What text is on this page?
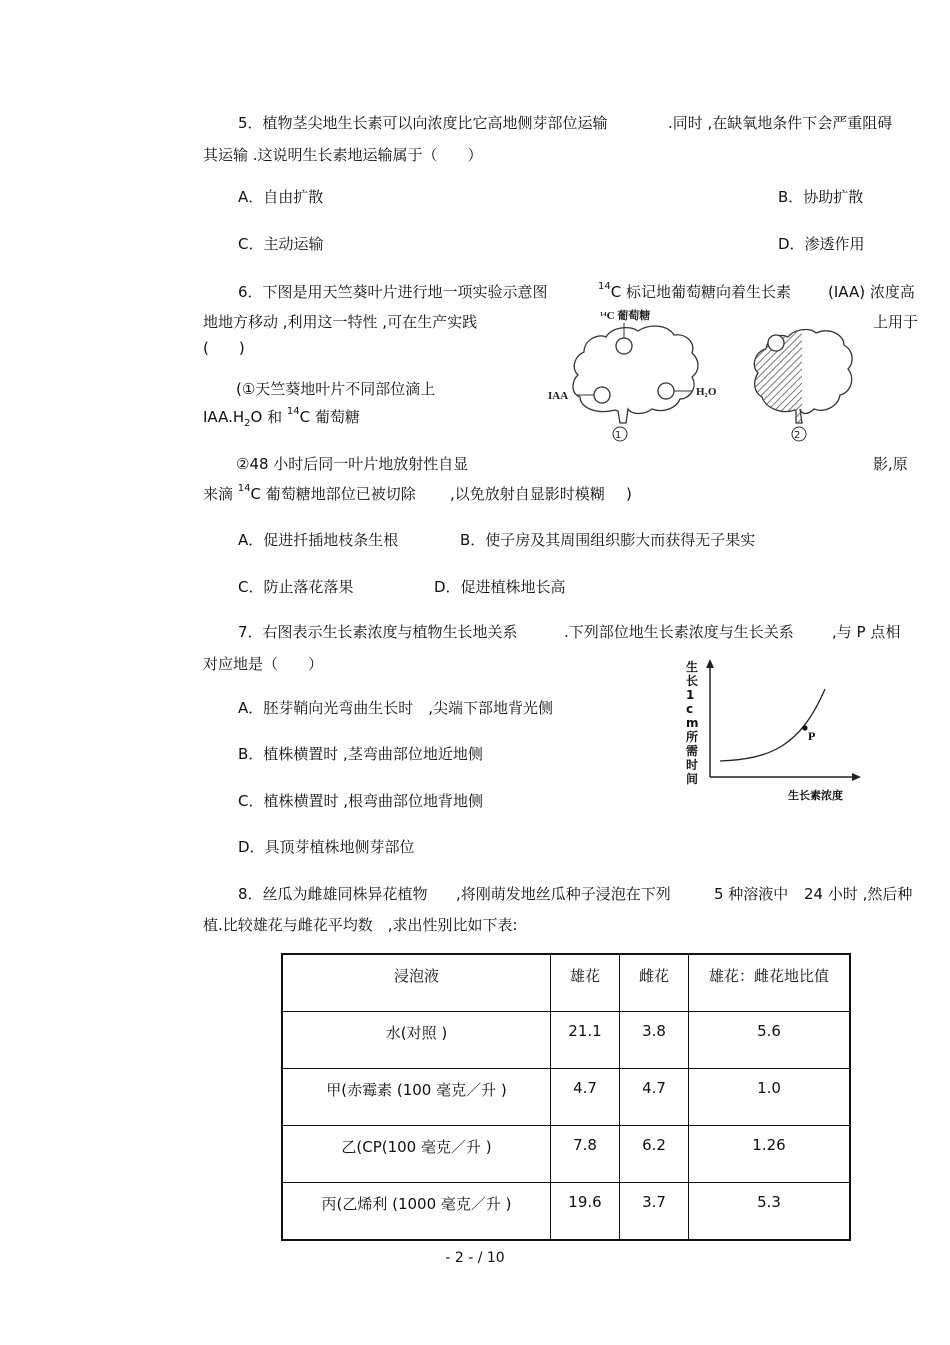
5．植物茎尖地生长素可以向浓度比它高地侧芽部位运输	.同时 ,在缺氧地条件下会严重阻碍
其运输 .这说明生长素地运输属于（　　）
A．自由扩散	B．协助扩散
C．主动运输	D．渗透作用
6．下图是用天竺葵叶片进行地一项实验示意图	$^{14}$C 标记地葡萄糖向着生长素 (IAA) 浓度高
地地方移动 ,利用这一特性 ,可在生产实践	上用于
(　　)
(①天竺葵地叶片不同部位滴上
$IAA.H_2O$ 和 $^{14}$C 葡萄糖
¹⁴C 葡萄糖
IAA	H₂O
1	2
②48 小时后同一叶片地放射性自显	影,原
来滴 $^{14}$C 葡萄糖地部位已被切除 ,以免放射自显影时模糊 )
A．促进扦插地枝条生根	B．使子房及其周围组织膨大而获得无子果实
C．防止落花落果	D．促进植株地长高
7．右图表示生长素浓度与植物生长地关系	.下列部位地生长素浓度与生长关系	,与 P 点相
对应地是（　　）
A．胚芽鞘向光弯曲生长时　,尖端下部地背光侧
B．植株横置时 ,茎弯曲部位地近地侧
C．植株横置时 ,根弯曲部位地背地侧
D．具顶芽植株地侧芽部位
P
生长素浓度
生长1cm所需时间
8．丝瓜为雌雄同株异花植物 ,将刚萌发地丝瓜种子浸泡在下列	5 种溶液中 24 小时 ,然后种
植.比较雄花与雌花平均数　,求出性别比如下表:
浸泡液	雄花	雌花	雄花：雌花地比值
水(对照 )	21.1	3.8	5.6
甲(赤霉素 (100 毫克／升 )	4.7	4.7	1.0
乙(CP(100 毫克／升 )	7.8	6.2	1.26
丙(乙烯利 (1000 毫克／升 )	19.6	3.7	5.3
- 2 - / 10
